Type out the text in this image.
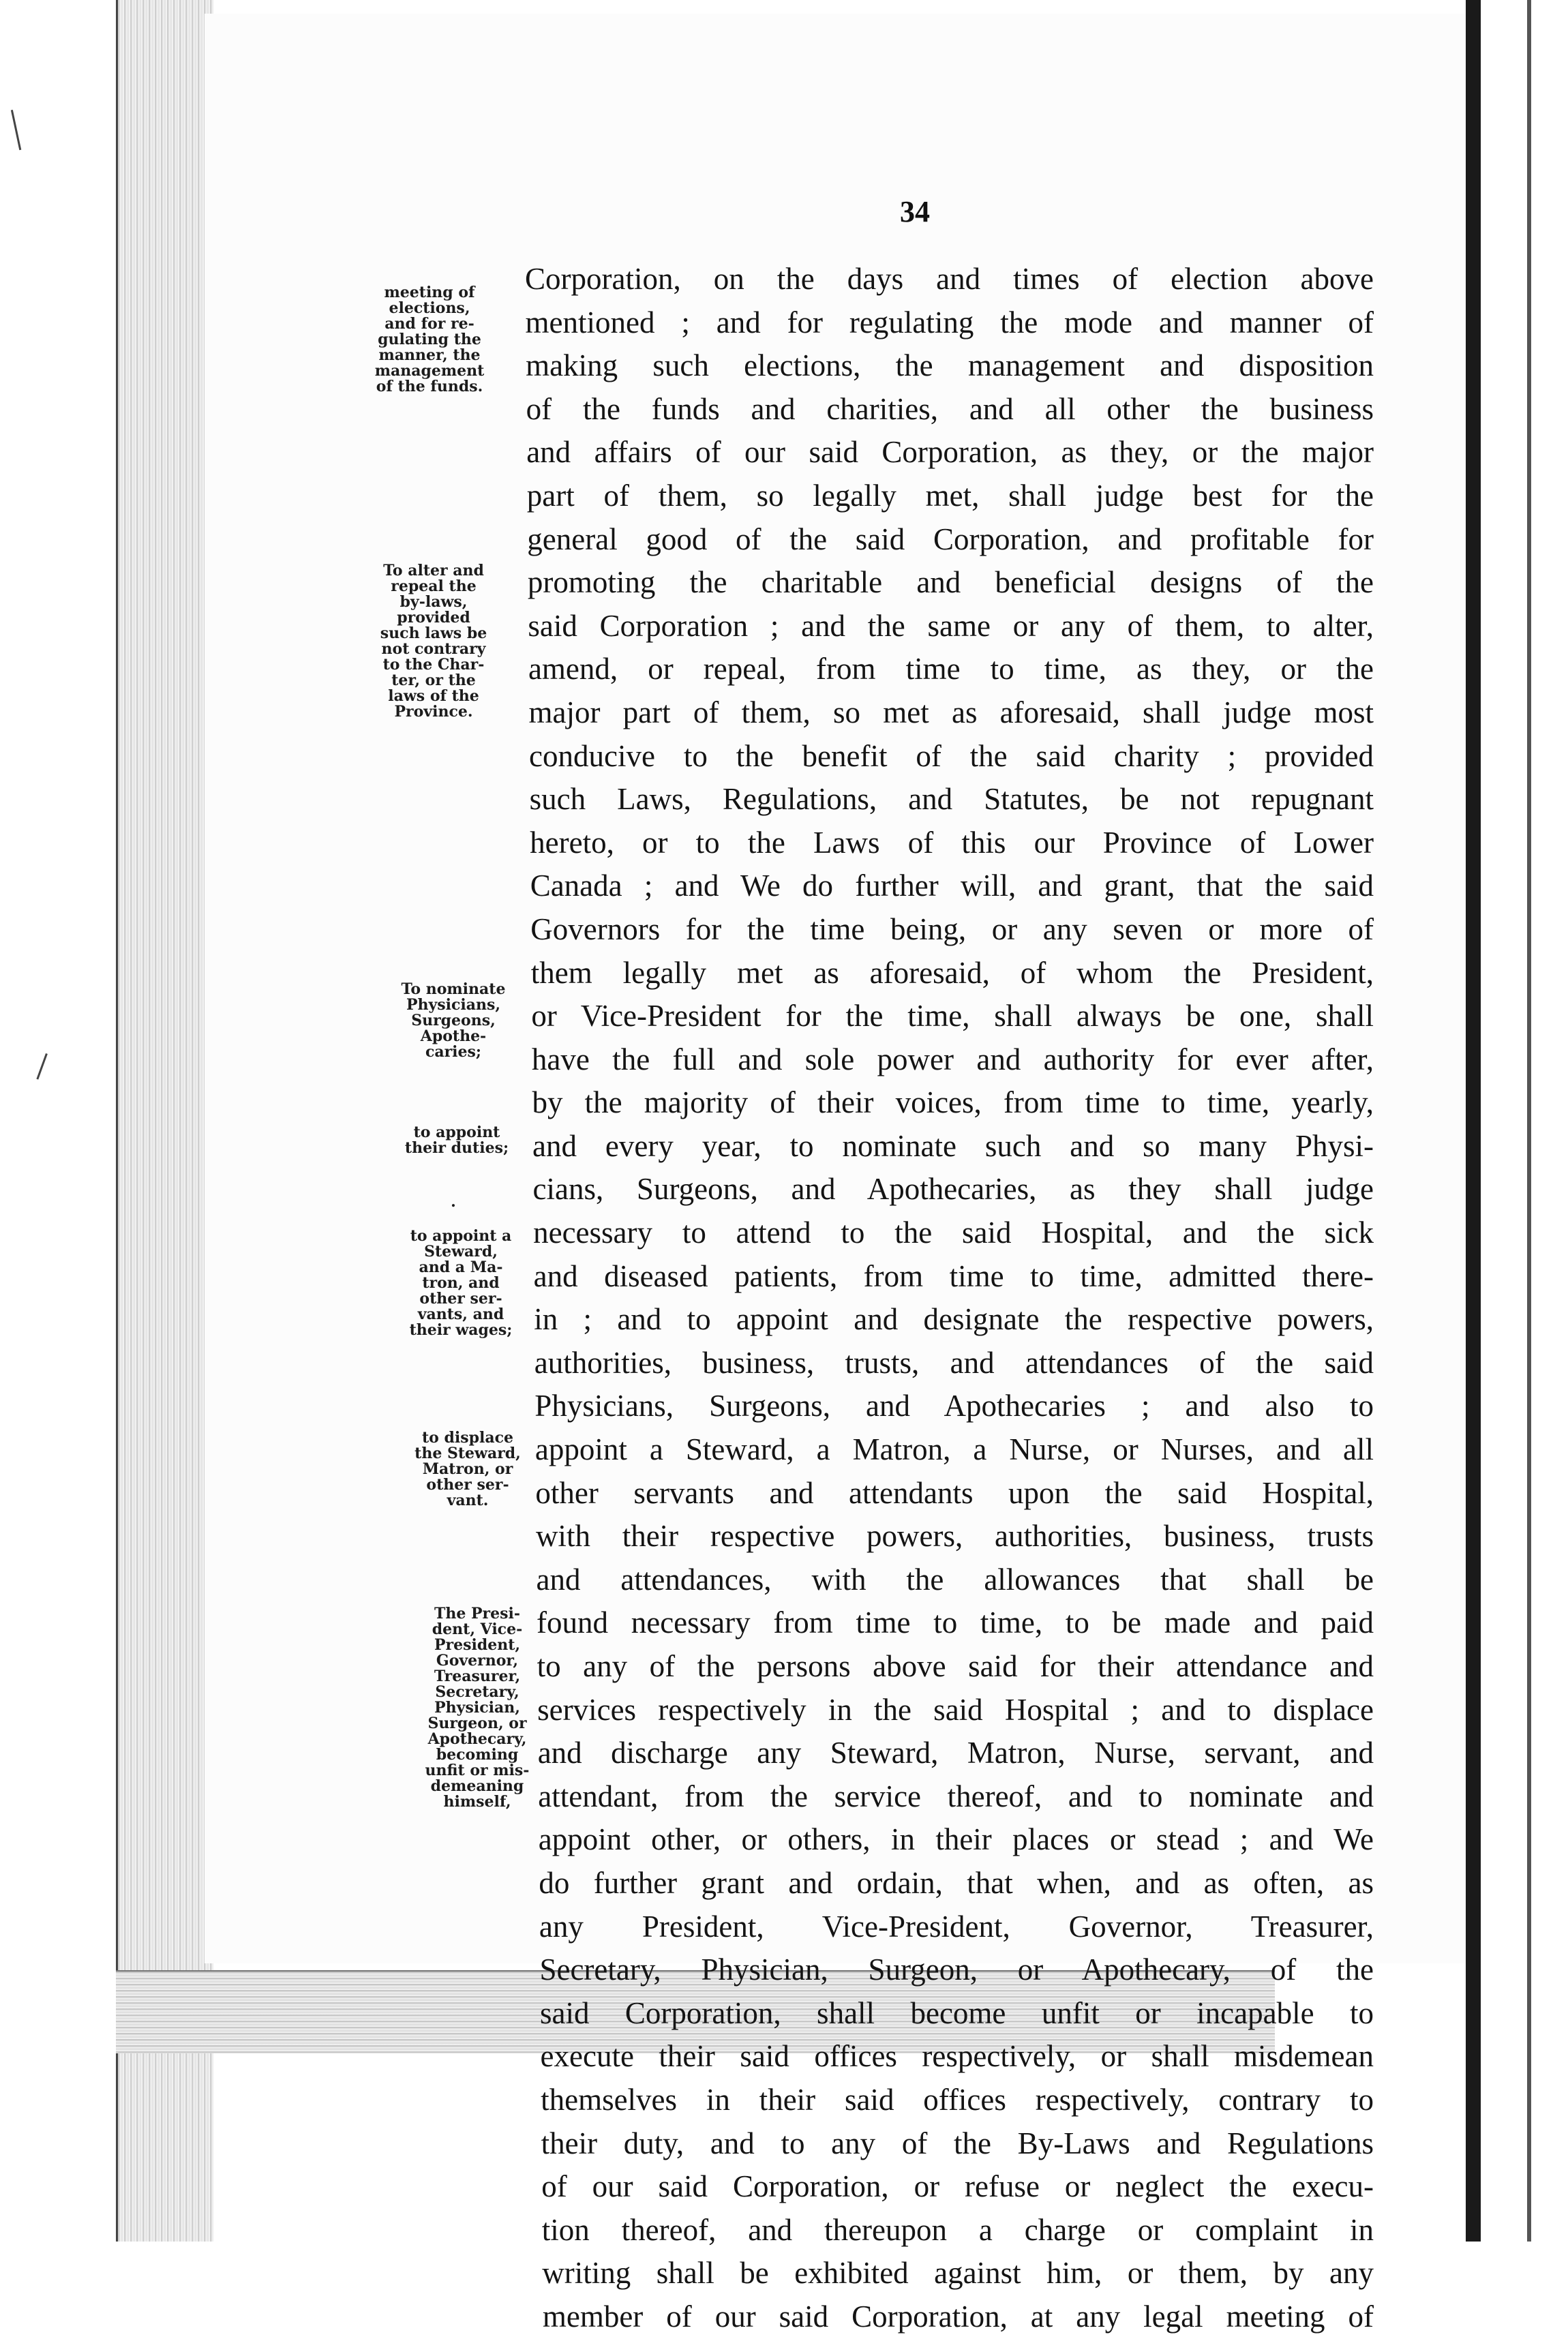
34
meeting of
elections,
and for re-
gulating the
manner, the
management
of the funds.
To alter and
repeal the
by-laws,
provided
such laws be
not contrary
to the Char-
ter, or the
laws of the
Province.
To nominate
Physicians,
Surgeons,
Apothe-
caries;
to appoint
their duties;
.
to appoint a
Steward,
and a Ma-
tron, and
other ser-
vants, and
their wages;
to displace
the Steward,
Matron, or
other ser-
vant.
The Presi-
dent, Vice-
President,
Governor,
Treasurer,
Secretary,
Physician,
Surgeon, or
Apothecary,
becoming
unfit or mis-
demeaning
himself,
Corporation, on the days and times of election above
mentioned ; and for regulating the mode and manner of
making such elections, the management and disposition
of the funds and charities, and all other the business
and affairs of our said Corporation, as they, or the major
part of them, so legally met, shall judge best for the
general good of the said Corporation, and profitable for
promoting the charitable and beneficial designs of the
said Corporation ; and the same or any of them, to alter,
amend, or repeal, from time to time, as they, or the
major part of them, so met as aforesaid, shall judge most
conducive to the benefit of the said charity ; provided
such Laws, Regulations, and Statutes, be not repugnant
hereto, or to the Laws of this our Province of Lower
Canada ; and We do further will, and grant, that the said
Governors for the time being, or any seven or more of
them legally met as aforesaid, of whom the President,
or Vice-President for the time, shall always be one, shall
have the full and sole power and authority for ever after,
by the majority of their voices, from time to time, yearly,
and every year, to nominate such and so many Physi-
cians, Surgeons, and Apothecaries, as they shall judge
necessary to attend to the said Hospital, and the sick
and diseased patients, from time to time, admitted there-
in ; and to appoint and designate the respective powers,
authorities, business, trusts, and attendances of the said
Physicians, Surgeons, and Apothecaries ; and also to
appoint a Steward, a Matron, a Nurse, or Nurses, and all
other servants and attendants upon the said Hospital,
with their respective powers, authorities, business, trusts
and attendances, with the allowances that shall be
found necessary from time to time, to be made and paid
to any of the persons above said for their attendance and
services respectively in the said Hospital ; and to displace
and discharge any Steward, Matron, Nurse, servant, and
attendant, from the service thereof, and to nominate and
appoint other, or others, in their places or stead ; and We
do further grant and ordain, that when, and as often, as
any President, Vice-President, Governor, Treasurer,
Secretary, Physician, Surgeon, or Apothecary, of the
said Corporation, shall become unfit or incapable to
execute their said offices respectively, or shall misdemean
themselves in their said offices respectively, contrary to
their duty, and to any of the By-Laws and Regulations
of our said Corporation, or refuse or neglect the execu-
tion thereof, and thereupon a charge or complaint in
writing shall be exhibited against him, or them, by any
member of our said Corporation, at any legal meeting of
